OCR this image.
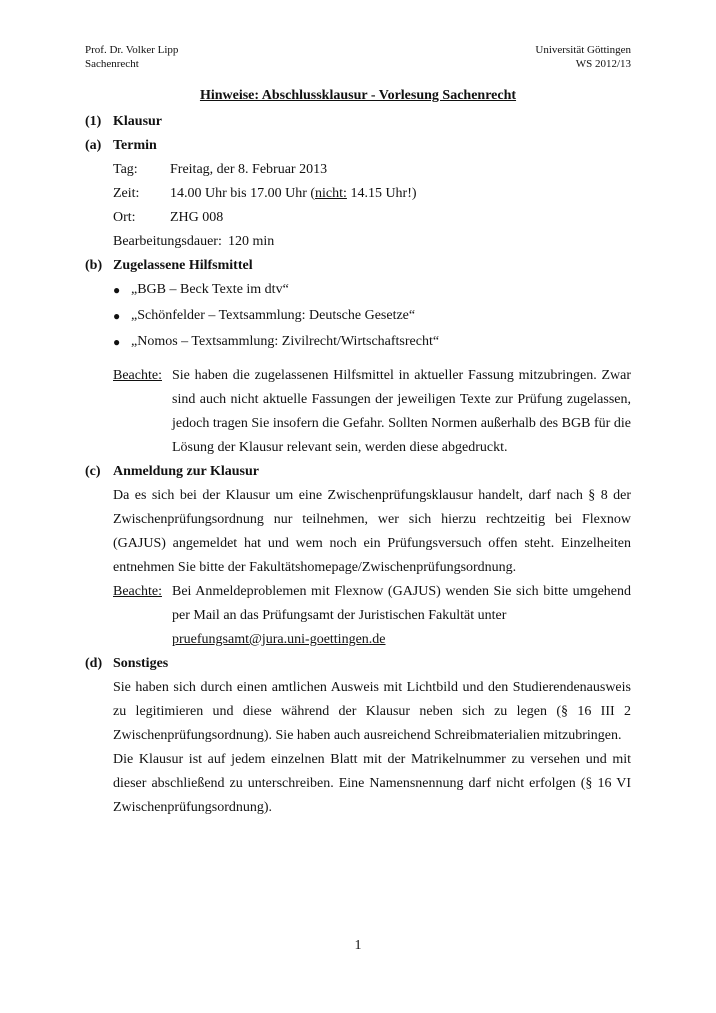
Prof. Dr. Volker Lipp
Sachenrecht
Universität Göttingen
WS 2012/13
Hinweise: Abschlussklausur - Vorlesung Sachenrecht
(1) Klausur
(a) Termin
Tag:	Freitag, der 8. Februar 2013
Zeit:	14.00 Uhr bis 17.00 Uhr (nicht: 14.15 Uhr!)
Ort:	ZHG 008
Bearbeitungsdauer: 120 min
(b) Zugelassene Hilfsmittel
● „BGB – Beck Texte im dtv“
● „Schönfelder – Textsammlung: Deutsche Gesetze“
● „Nomos – Textsammlung: Zivilrecht/Wirtschaftsrecht“
Beachte: Sie haben die zugelassenen Hilfsmittel in aktueller Fassung mitzubringen. Zwar sind auch nicht aktuelle Fassungen der jeweiligen Texte zur Prüfung zugelassen, jedoch tragen Sie insofern die Gefahr. Sollten Normen außerhalb des BGB für die Lösung der Klausur relevant sein, werden diese abgedruckt.
(c) Anmeldung zur Klausur
Da es sich bei der Klausur um eine Zwischenprüfungsklausur handelt, darf nach § 8 der Zwischenprüfungsordnung nur teilnehmen, wer sich hierzu rechtzeitig bei Flexnow (GAJUS) angemeldet hat und wem noch ein Prüfungsversuch offen steht. Einzelheiten entnehmen Sie bitte der Fakultätshomepage/Zwischenprüfungsordnung.
Beachte: Bei Anmeldeproblemen mit Flexnow (GAJUS) wenden Sie sich bitte umgehend per Mail an das Prüfungsamt der Juristischen Fakultät unter
pruefungsamt@jura.uni-goettingen.de
(d) Sonstiges
Sie haben sich durch einen amtlichen Ausweis mit Lichtbild und den Studierendenausweis zu legitimieren und diese während der Klausur neben sich zu legen (§ 16 III 2 Zwischenprüfungsordnung). Sie haben auch ausreichend Schreibmaterialien mitzubringen.
Die Klausur ist auf jedem einzelnen Blatt mit der Matrikelnummer zu versehen und mit dieser abschließend zu unterschreiben. Eine Namensnennung darf nicht erfolgen (§ 16 VI Zwischenprüfungsordnung).
1
